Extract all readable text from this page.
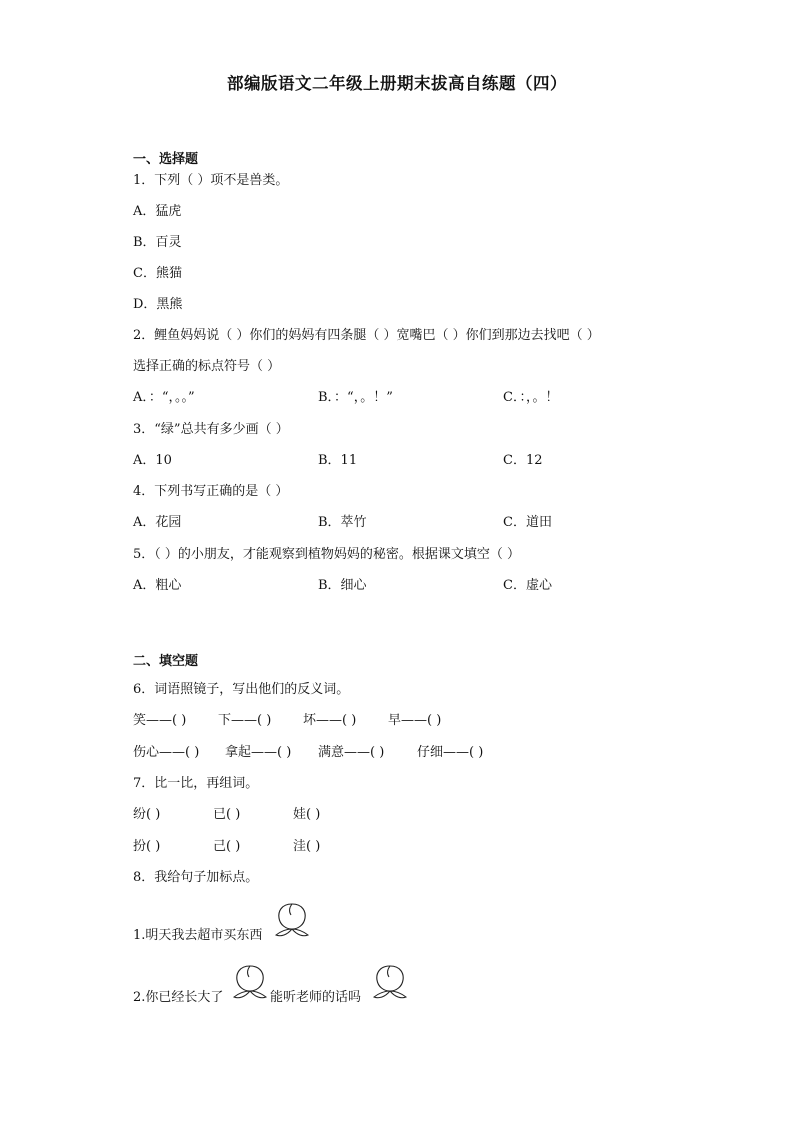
部编版语文二年级上册期末拔高自练题（四）
一、选择题
1．下列（ ）项不是兽类。
A．猛虎
B．百灵
C．熊猫
D．黑熊
2．鲤鱼妈妈说（ ）你们的妈妈有四条腿（ ）宽嘴巴（ ）你们到那边去找吧（ ）
选择正确的标点符号（ ）
A．：“，。。”	B．：“，。！”	C．：，。！
3．“绿”总共有多少画（ ）
A．10	B．11	C．12
4．下列书写正确的是（ ）
A．花园	B．萃竹	C．道田
5．（ ）的小朋友，才能观察到植物妈妈的秘密。根据课文填空（ ）
A．粗心	B．细心	C．虚心
二、填空题
6．词语照镜子，写出他们的反义词。
笑——( ) 下——( ) 坏——( ) 早——( )
伤心——( ) 拿起——( ) 满意——( )	仔细——( )
7．比一比，再组词。
纷( )	已( )	娃( )
扮( )	己( )	洼( )
8．我给句子加标点。
1.明天我去超市买东西
2.你已经长大了	能听老师的话吗
